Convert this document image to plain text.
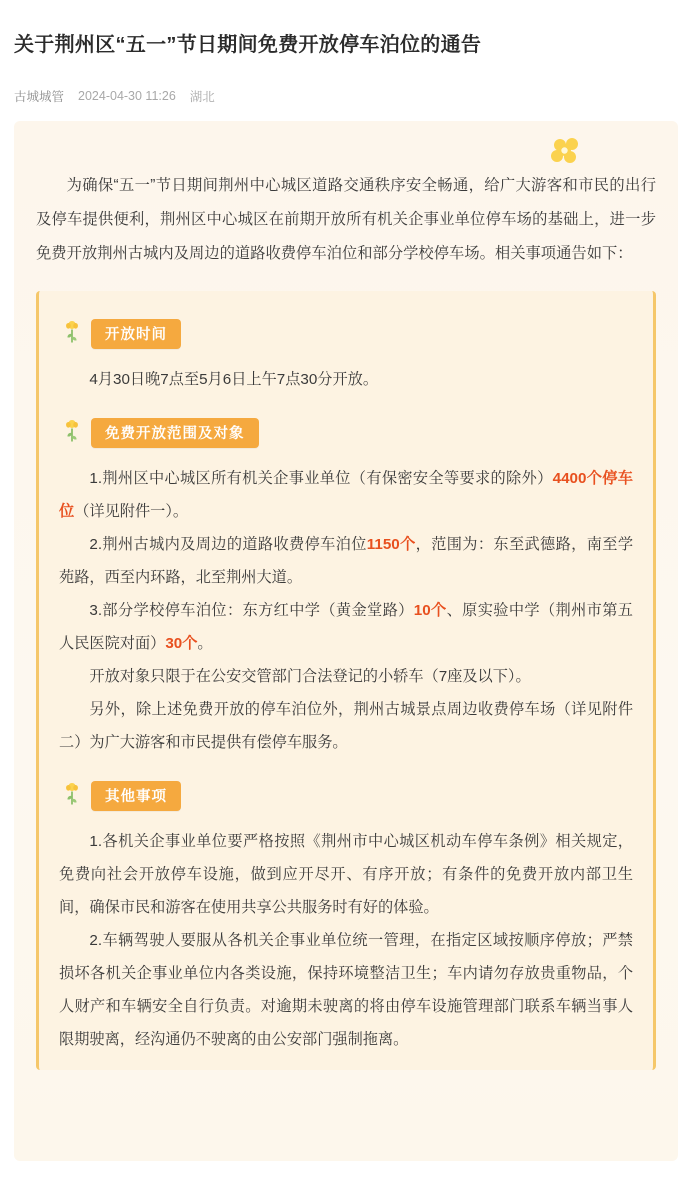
关于荆州区“五一”节日期间免费开放停车泊位的通告
古城城管 2024-04-30 11:26 湖北

为确保“五一”节日期间荆州中心城区道路交通秩序安全畅通，给广大游客和市民的出行及停车提供便利，荆州区中心城区在前期开放所有机关企事业单位停车场的基础上，进一步免费开放荆州古城内及周边的道路收费停车泊位和部分学校停车场。相关事项通告如下：

开放时间

4月30日晚7点至5月6日上午7点30分开放。

免费开放范围及对象

1.荆州区中心城区所有机关企事业单位（有保密安全等要求的除外）4400个停车位（详见附件一）。

2.荆州古城内及周边的道路收费停车泊位1150个，范围为：东至武德路，南至学苑路，西至内环路，北至荆州大道。

3.部分学校停车泊位：东方红中学（黄金堂路）10个、原实验中学（荆州市第五人民医院对面）30个。

开放对象只限于在公安交管部门合法登记的小轿车（7座及以下）。

另外，除上述免费开放的停车泊位外，荆州古城景点周边收费停车场（详见附件二）为广大游客和市民提供有偿停车服务。

其他事项

1.各机关企事业单位要严格按照《荆州市中心城区机动车停车条例》相关规定，免费向社会开放停车设施，做到应开尽开、有序开放；有条件的免费开放内部卫生间，确保市民和游客在使用共享公共服务时有好的体验。

2.车辆驾驶人要服从各机关企事业单位统一管理，在指定区域按顺序停放；严禁损坏各机关企事业单位内各类设施，保持环境整洁卫生；车内请勿存放贵重物品，个人财产和车辆安全自行负责。对逾期未驶离的将由停车设施管理部门联系车辆当事人限期驶离，经沟通仍不驶离的由公安部门强制拖离。
